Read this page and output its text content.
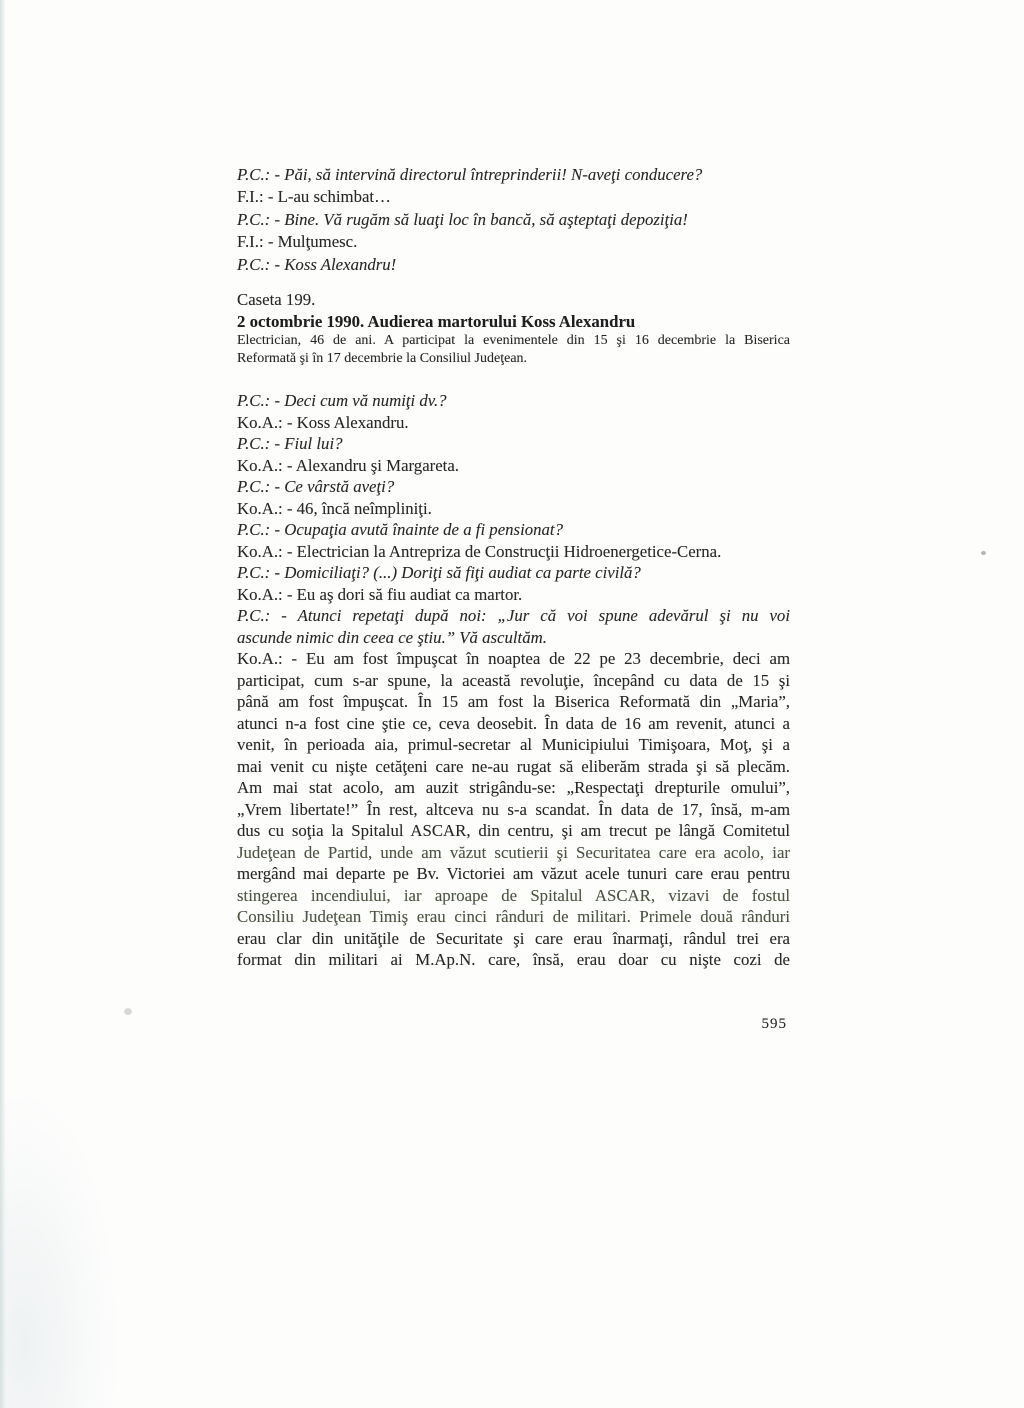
P.C.: - Păi, să intervină directorul întreprinderii! N-aveţi conducere?
F.I.: - L-au schimbat…
P.C.: - Bine. Vă rugăm să luaţi loc în bancă, să aşteptaţi depoziţia!
F.I.: - Mulţumesc.
P.C.: - Koss Alexandru!
Caseta 199.
2 octombrie 1990. Audierea martorului Koss Alexandru
Electrician, 46 de ani. A participat la evenimentele din 15 şi 16 decembrie la Biserica
Reformată şi în 17 decembrie la Consiliul Judeţean.
P.C.: - Deci cum vă numiţi dv.?
Ko.A.: - Koss Alexandru.
P.C.: - Fiul lui?
Ko.A.: - Alexandru şi Margareta.
P.C.: - Ce vârstă aveţi?
Ko.A.: - 46, încă neîmpliniţi.
P.C.: - Ocupaţia avută înainte de a fi pensionat?
Ko.A.: - Electrician la Antrepriza de Construcţii Hidroenergetice-Cerna.
P.C.: - Domiciliaţi? (...) Doriţi să fiţi audiat ca parte civilă?
Ko.A.: - Eu aş dori să fiu audiat ca martor.
P.C.: - Atunci repetaţi după noi: „Jur că voi spune adevărul şi nu voi
ascunde nimic din ceea ce ştiu.” Vă ascultăm.
Ko.A.: - Eu am fost împuşcat în noaptea de 22 pe 23 decembrie, deci am
participat, cum s-ar spune, la această revoluţie, începând cu data de 15 şi
până am fost împuşcat. În 15 am fost la Biserica Reformată din „Maria”,
atunci n-a fost cine ştie ce, ceva deosebit. În data de 16 am revenit, atunci a
venit, în perioada aia, primul-secretar al Municipiului Timişoara, Moţ, şi a
mai venit cu nişte cetăţeni care ne-au rugat să eliberăm strada şi să plecăm.
Am mai stat acolo, am auzit strigându-se: „Respectaţi drepturile omului”,
„Vrem libertate!” În rest, altceva nu s-a scandat. În data de 17, însă, m-am
dus cu soţia la Spitalul ASCAR, din centru, şi am trecut pe lângă Comitetul
Judeţean de Partid, unde am văzut scutierii şi Securitatea care era acolo, iar
mergând mai departe pe Bv. Victoriei am văzut acele tunuri care erau pentru
stingerea incendiului, iar aproape de Spitalul ASCAR, vizavi de fostul
Consiliu Judeţean Timiş erau cinci rânduri de militari. Primele două rânduri
erau clar din unităţile de Securitate şi care erau înarmaţi, rândul trei era
format din militari ai M.Ap.N. care, însă, erau doar cu nişte cozi de
595
